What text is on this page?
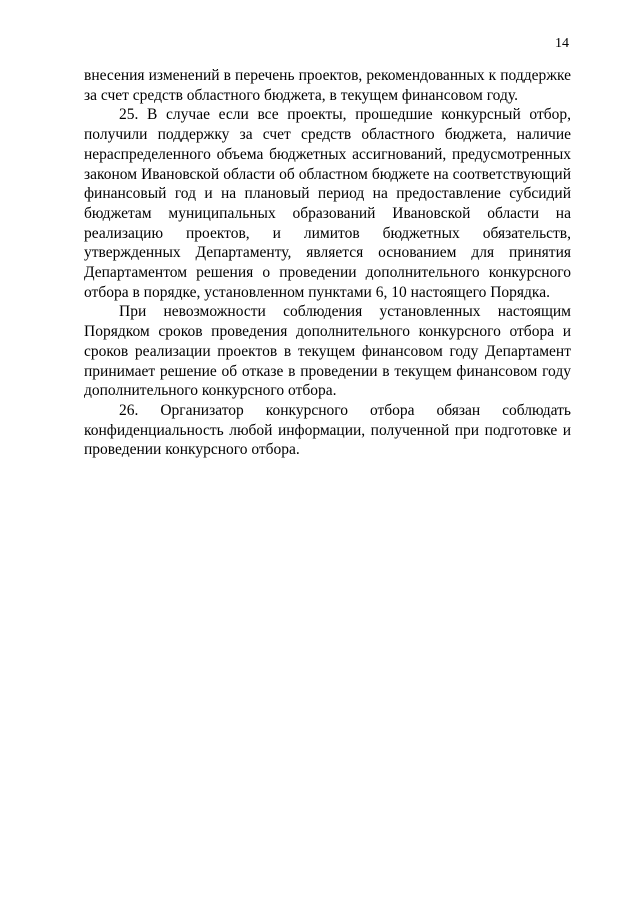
14

внесения изменений в перечень проектов, рекомендованных к поддержке за счет средств областного бюджета, в текущем финансовом году.

25. В случае если все проекты, прошедшие конкурсный отбор, получили поддержку за счет средств областного бюджета, наличие нераспределенного объема бюджетных ассигнований, предусмотренных законом Ивановской области об областном бюджете на соответствующий финансовый год и на плановый период на предоставление субсидий бюджетам муниципальных образований Ивановской области на реализацию проектов, и лимитов бюджетных обязательств, утвержденных Департаменту, является основанием для принятия Департаментом решения о проведении дополнительного конкурсного отбора в порядке, установленном пунктами 6, 10 настоящего Порядка.

При невозможности соблюдения установленных настоящим Порядком сроков проведения дополнительного конкурсного отбора и сроков реализации проектов в текущем финансовом году Департамент принимает решение об отказе в проведении в текущем финансовом году дополнительного конкурсного отбора.

26. Организатор конкурсного отбора обязан соблюдать конфиденциальность любой информации, полученной при подготовке и проведении конкурсного отбора.
